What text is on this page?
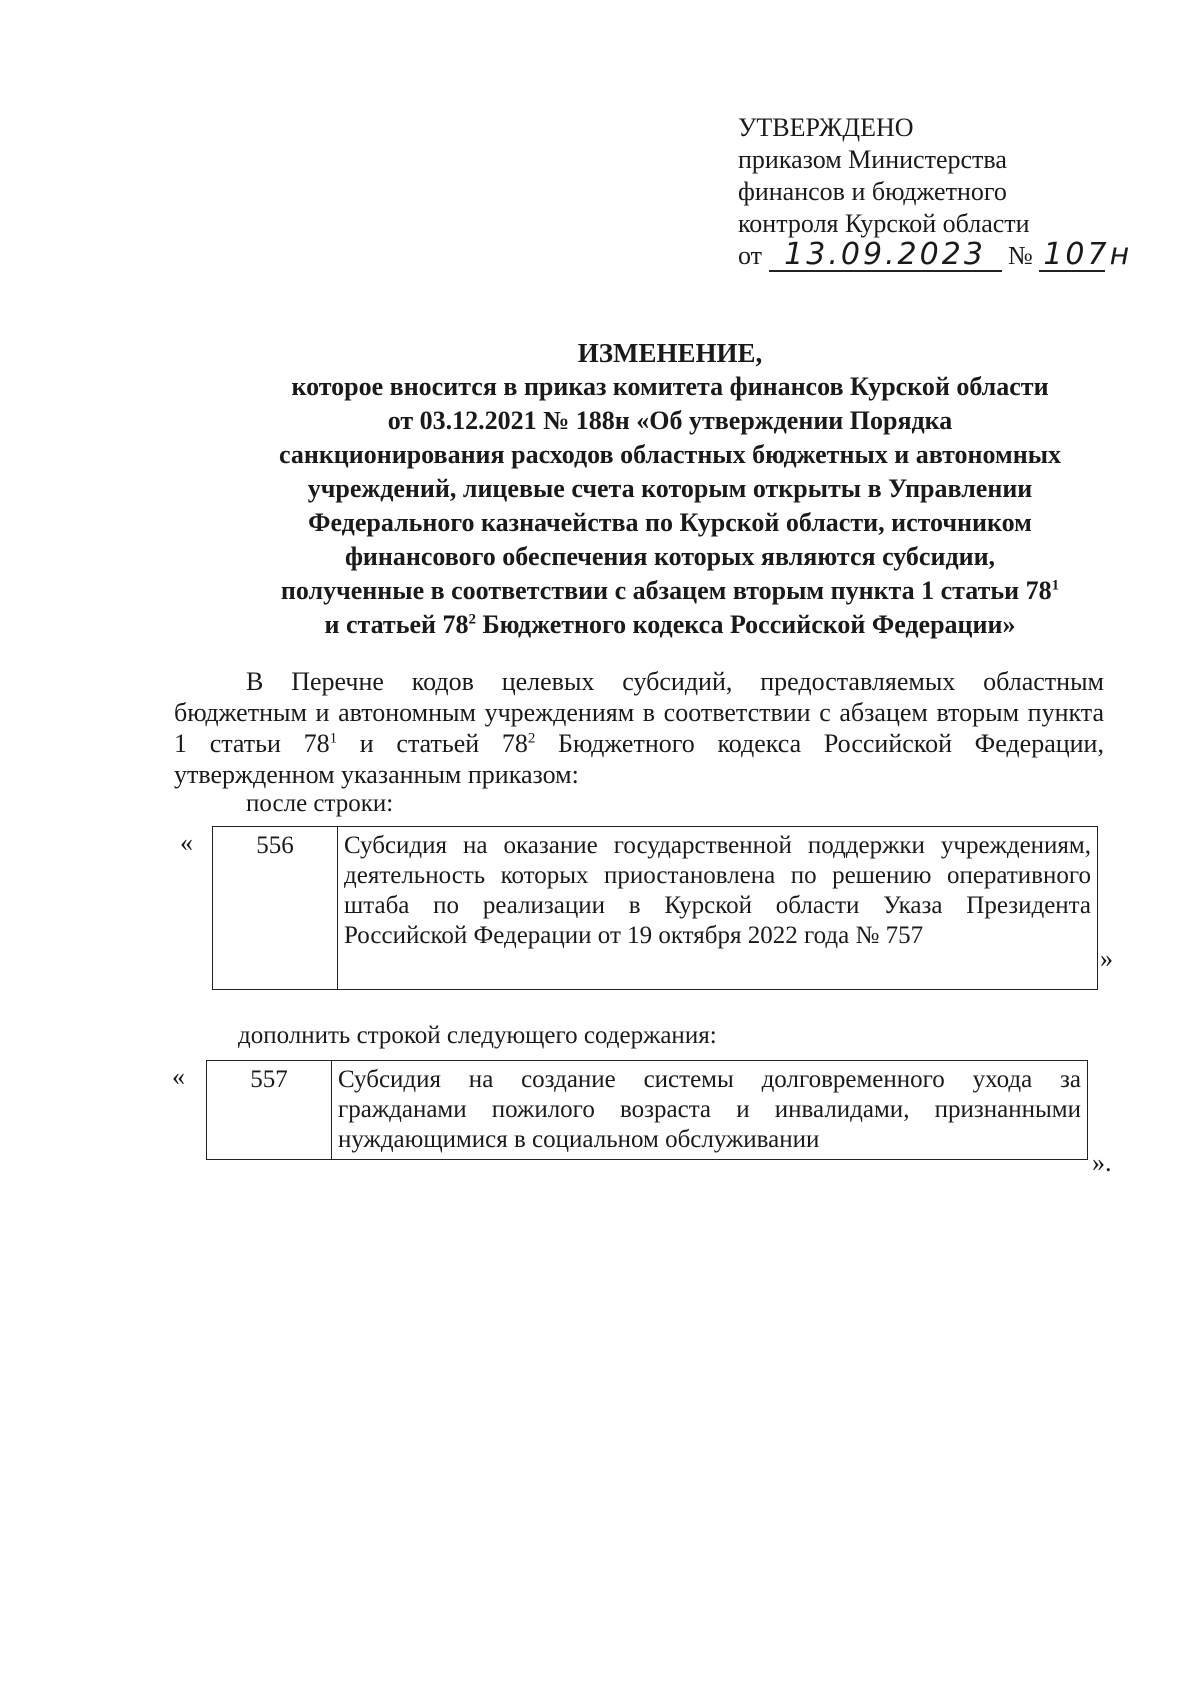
УТВЕРЖДЕНО
приказом Министерства
финансов и бюджетного
контроля Курской области
от 13.09.2023 № 107н
ИЗМЕНЕНИЕ,
которое вносится в приказ комитета финансов Курской области
от 03.12.2021 № 188н «Об утверждении Порядка
санкционирования расходов областных бюджетных и автономных
учреждений, лицевые счета которым открыты в Управлении
Федерального казначейства по Курской области, источником
финансового обеспечения которых являются субсидии,
полученные в соответствии с абзацем вторым пункта 1 статьи $78^1$
и статьей $78^2$ Бюджетного кодекса Российской Федерации»
В Перечне кодов целевых субсидий, предоставляемых областным бюджетным и автономным учреждениям в соответствии с абзацем вторым пункта 1 статьи $78^1$ и статьей $78^2$ Бюджетного кодекса Российской Федерации, утвержденном указанным приказом:
после строки:
«	556	Субсидия на оказание государственной поддержки учреждениям, деятельность которых приостановлена по решению оперативного штаба по реализации в Курской области Указа Президента Российской Федерации от 19 октября 2022 года № 757
»
дополнить строкой следующего содержания:
«	557	Субсидия на создание системы долговременного ухода за гражданами пожилого возраста и инвалидами, признанными нуждающимися в социальном обслуживании
».
